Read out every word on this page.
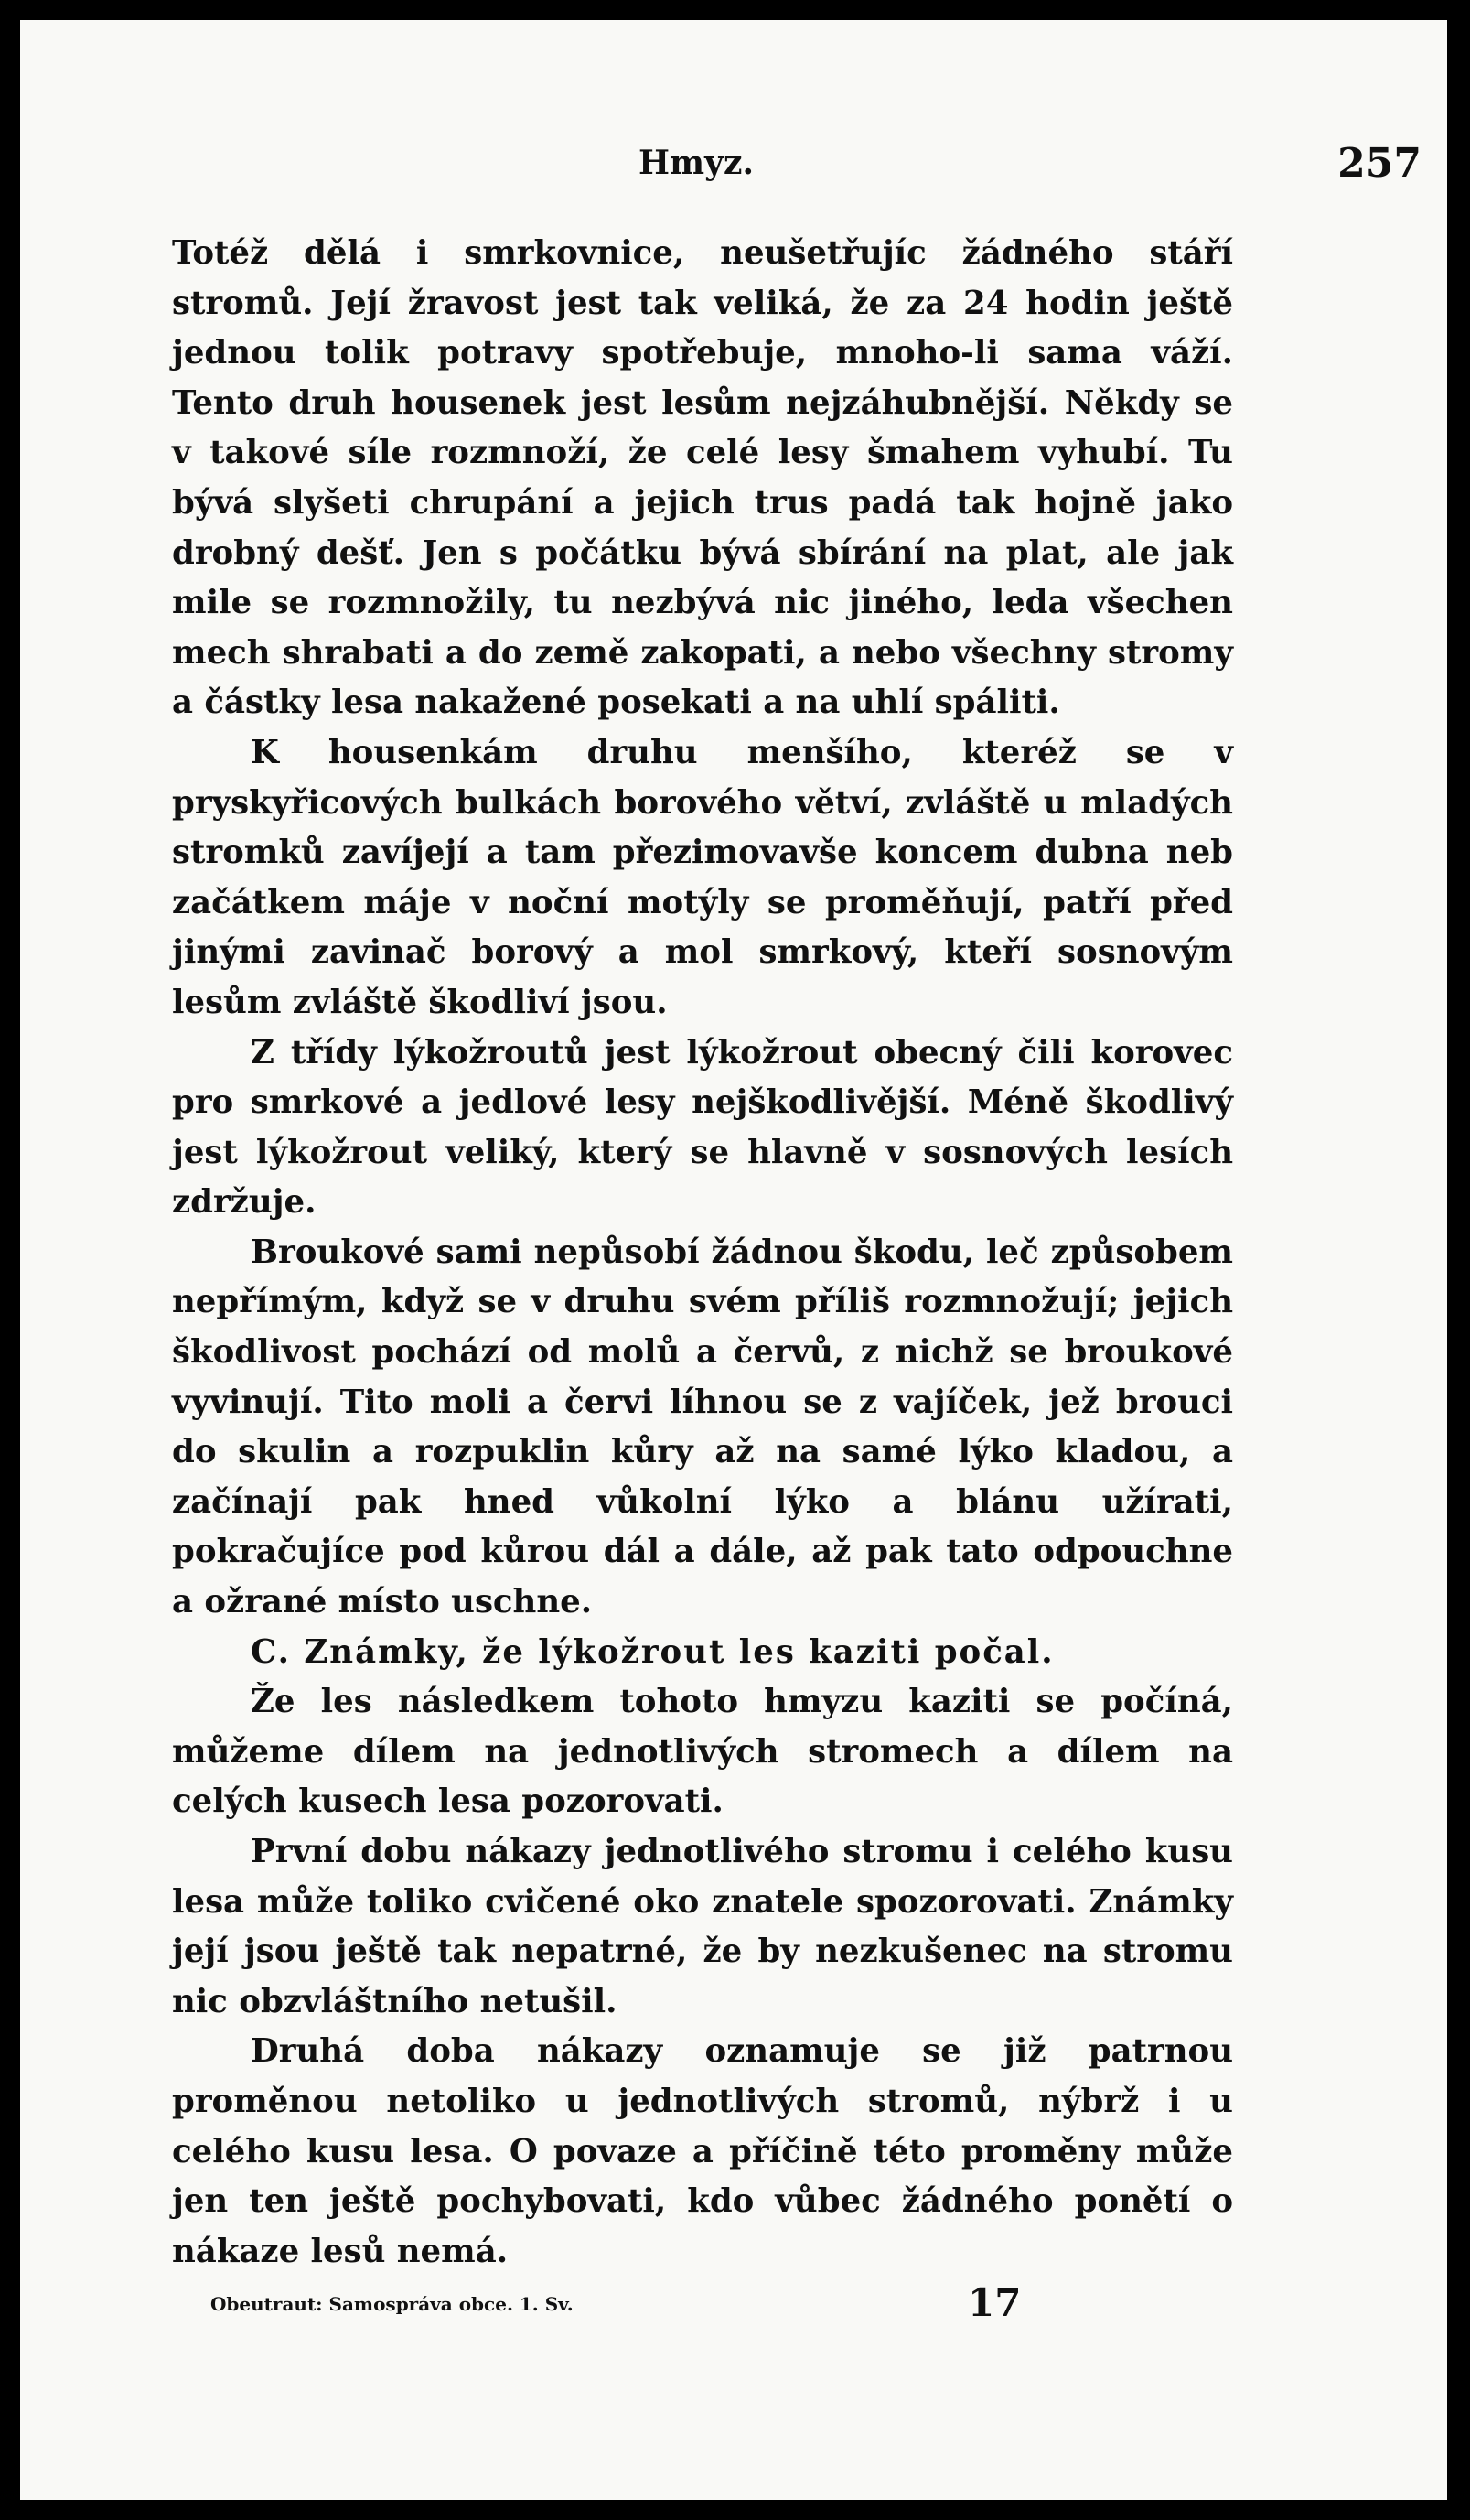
Hmyz.	257

Totéž dělá i smrkovnice, neušetřujíc žádného stáří stromů. Její žravost jest tak veliká, že za 24 hodin ještě jednou tolik potravy spotřebuje, mnoho-li sama váží. Tento druh housenek jest lesům nejzáhubnější. Někdy se v takové síle rozmnoží, že celé lesy šmahem vyhubí. Tu bývá slyšeti chrupání a jejich trus padá tak hojně jako drobný dešť. Jen s počátku bývá sbírání na plat, ale jak mile se rozmnožily, tu nezbývá nic jiného, leda všechen mech shrabati a do země zakopati, a nebo všechny stromy a částky lesa nakažené posekati a na uhlí spáliti.

K housenkám druhu menšího, kteréž se v pryskyřicových bulkách borového větví, zvláště u mladých stromků zavíjejí a tam přezimovavše koncem dubna neb začátkem máje v noční motýly se proměňují, patří před jinými zavinač borový a mol smrkový, kteří sosnovým lesům zvláště škodliví jsou.

Z třídy lýkožroutů jest lýkožrout obecný čili korovec pro smrkové a jedlové lesy nejškodlivější. Méně škodlivý jest lýkožrout veliký, který se hlavně v sosnových lesích zdržuje.

Broukové sami nepůsobí žádnou škodu, leč způsobem nepřímým, když se v druhu svém příliš rozmnožují; jejich škodlivost pochází od molů a červů, z nichž se broukové vyvinují. Tito moli a červi líhnou se z vajíček, jež brouci do skulin a rozpuklin kůry až na samé lýko kladou, a začínají pak hned vůkolní lýko a blánu užírati, pokračujíce pod kůrou dál a dále, až pak tato odpouchne a ožrané místo uschne.

C. Známky, že lýkožrout les kaziti počal.

Že les následkem tohoto hmyzu kaziti se počíná, můžeme dílem na jednotlivých stromech a dílem na celých kusech lesa pozorovati.

První dobu nákazy jednotlivého stromu i celého kusu lesa může toliko cvičené oko znatele spozorovati. Známky její jsou ještě tak nepatrné, že by nezkušenec na stromu nic obzvláštního netušil.

Druhá doba nákazy oznamuje se již patrnou proměnou netoliko u jednotlivých stromů, nýbrž i u celého kusu lesa. O povaze a příčině této proměny může jen ten ještě pochybovati, kdo vůbec žádného ponětí o nákaze lesů nemá.

Obeutraut: Samospráva obce. 1. Sv.	17
